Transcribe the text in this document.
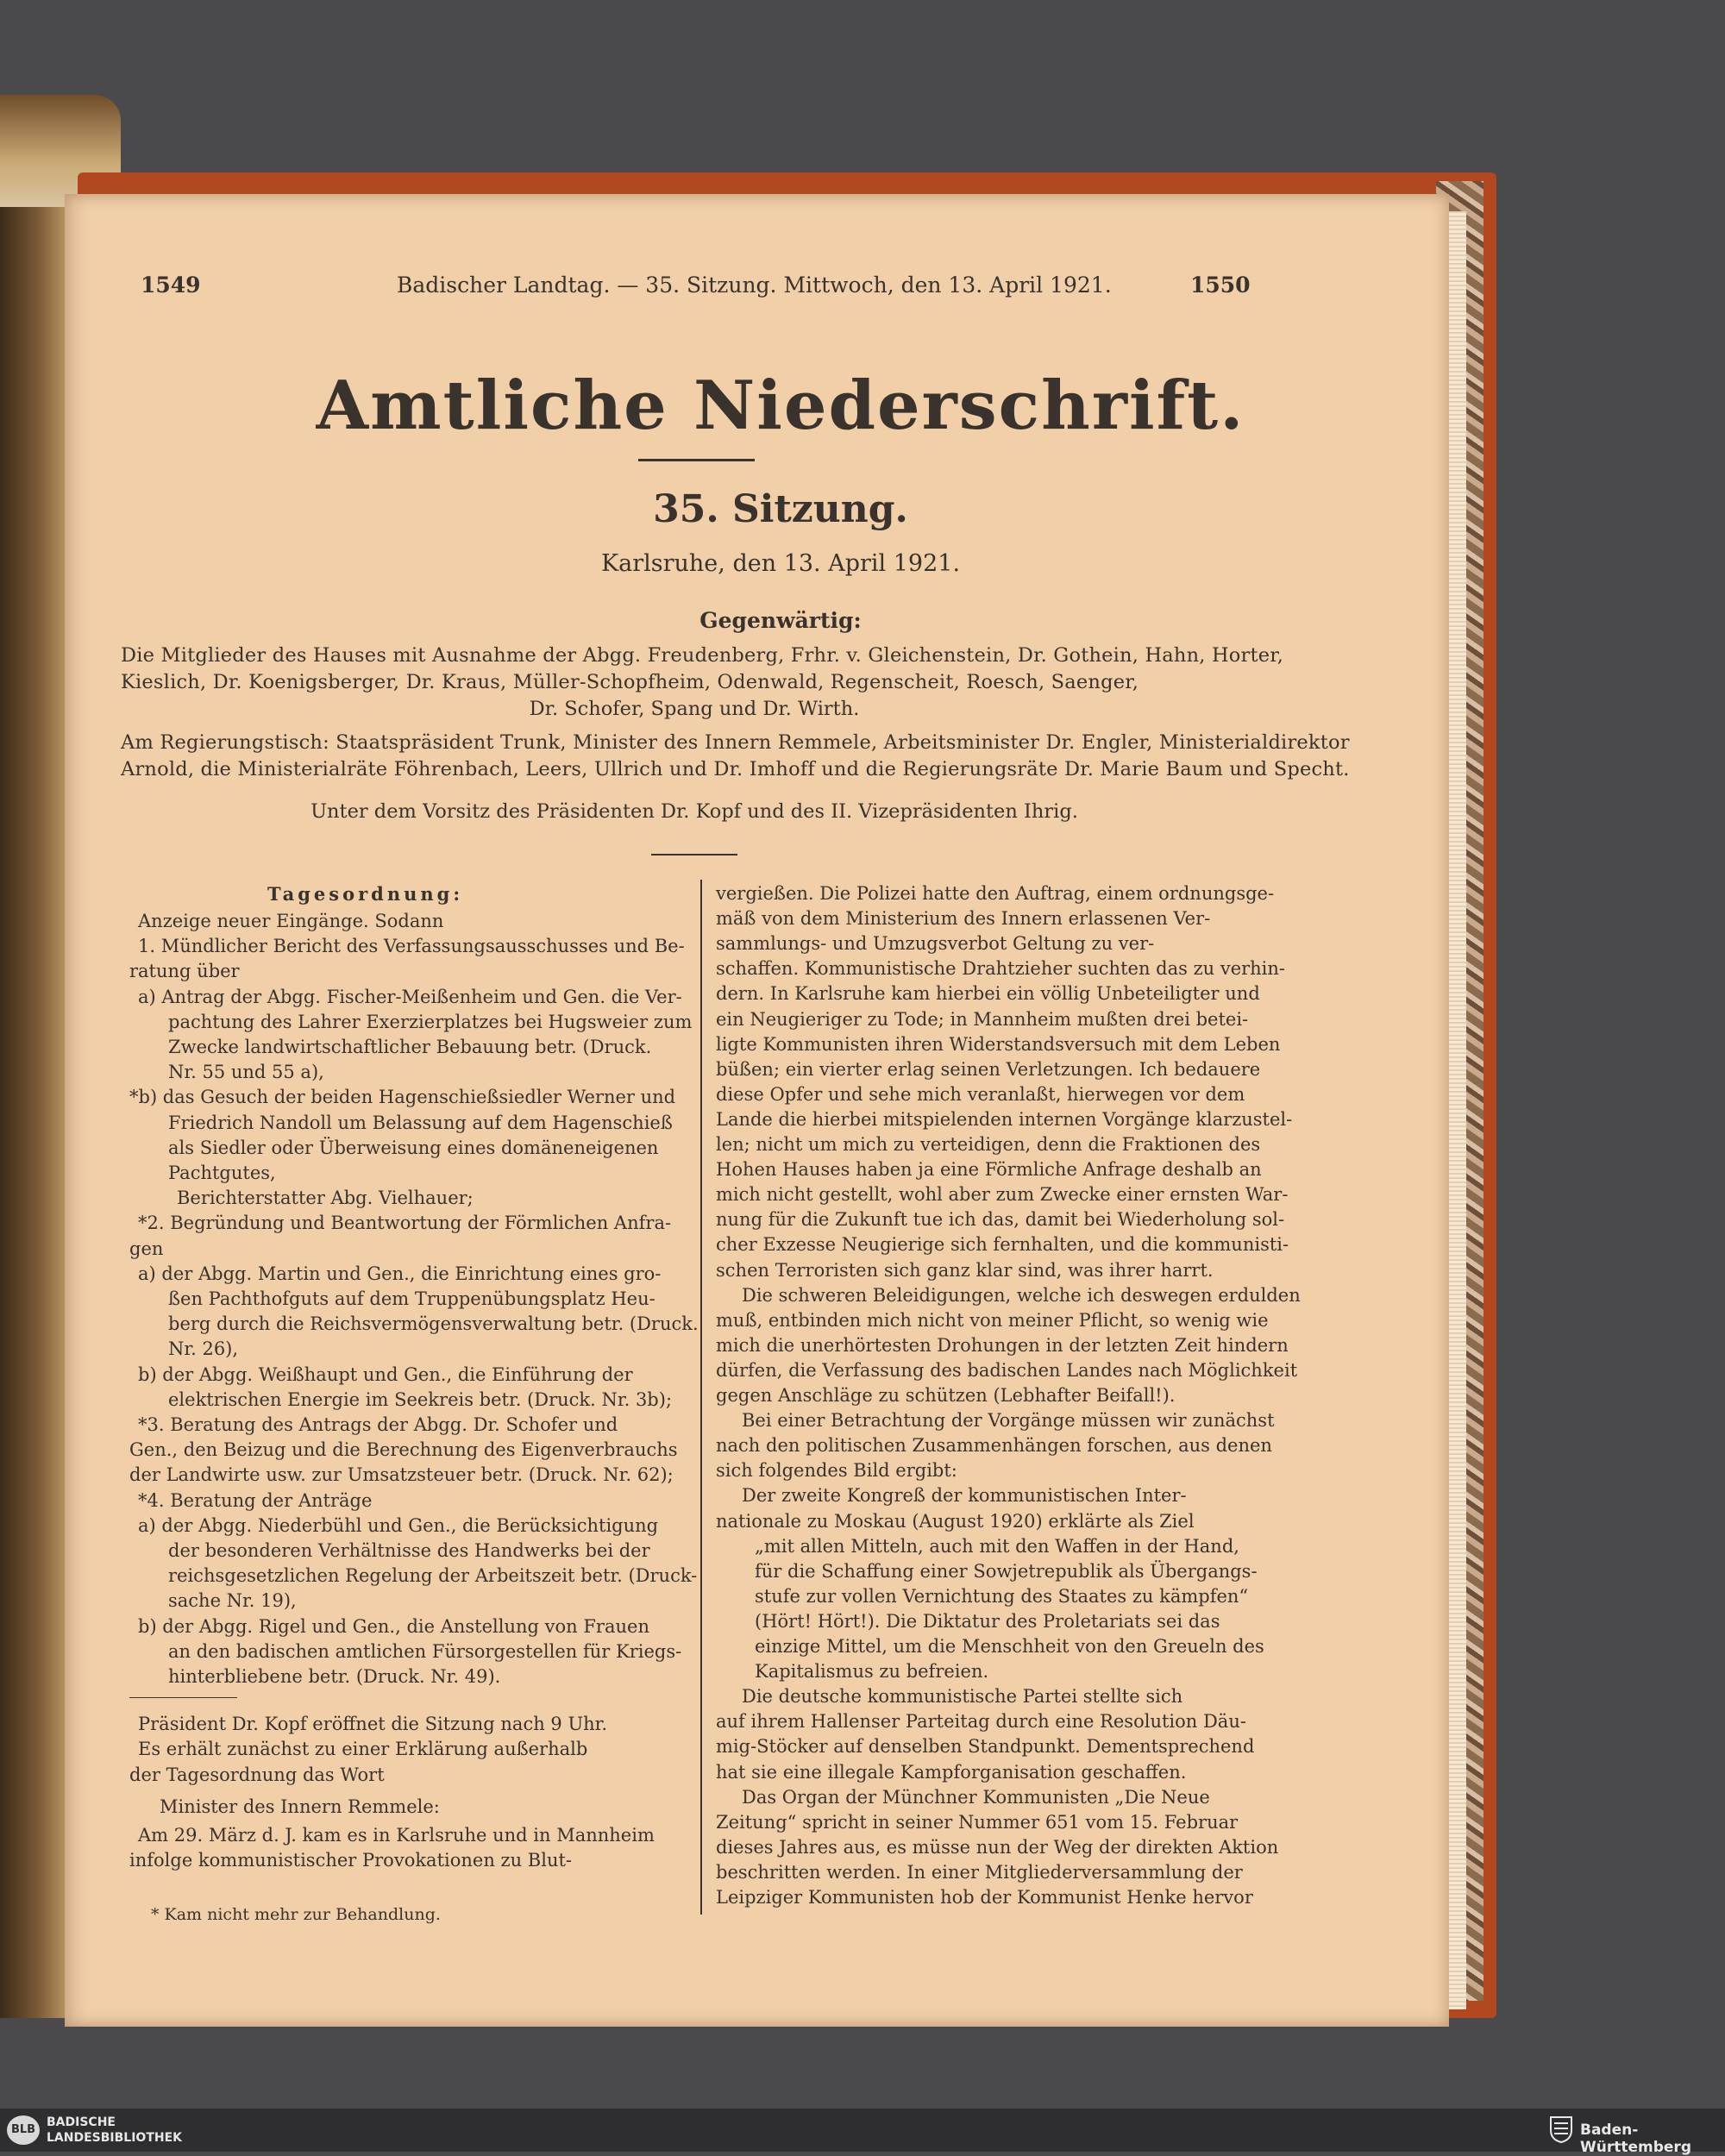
1549	Badischer Landtag. — 35. Sitzung. Mittwoch, den 13. April 1921.	1550
Amtliche Niederschrift.
35. Sitzung.
Karlsruhe, den 13. April 1921.
Gegenwärtig:
Die Mitglieder des Hauses mit Ausnahme der Abgg. Freudenberg, Frhr. v. Gleichenstein, Dr. Gothein, Hahn, Horter,
Kieslich, Dr. Koenigsberger, Dr. Kraus, Müller-Schopfheim, Odenwald, Regenscheit, Roesch, Saenger,
Dr. Schofer, Spang und Dr. Wirth.
Am Regierungstisch: Staatspräsident Trunk, Minister des Innern Remmele, Arbeitsminister Dr. Engler, Ministerialdirektor
Arnold, die Ministerialräte Föhrenbach, Leers, Ullrich und Dr. Imhoff und die Regierungsräte Dr. Marie Baum und Specht.
Unter dem Vorsitz des Präsidenten Dr. Kopf und des II. Vizepräsidenten Ihrig.
Tagesordnung:
Anzeige neuer Eingänge. Sodann
1. Mündlicher Bericht des Verfassungsausschusses und Be-
ratung über
a) Antrag der Abgg. Fischer-Meißenheim und Gen. die Ver-
pachtung des Lahrer Exerzierplatzes bei Hugsweier zum
Zwecke landwirtschaftlicher Bebauung betr. (Druck.
Nr. 55 und 55 a),
*b) das Gesuch der beiden Hagenschießsiedler Werner und
Friedrich Nandoll um Belassung auf dem Hagenschieß
als Siedler oder Überweisung eines domäneneigenen
Pachtgutes,
Berichterstatter Abg. Vielhauer;
*2. Begründung und Beantwortung der Förmlichen Anfra-
gen
a) der Abgg. Martin und Gen., die Einrichtung eines gro-
ßen Pachthofguts auf dem Truppenübungsplatz Heu-
berg durch die Reichsvermögensverwaltung betr. (Druck.
Nr. 26),
b) der Abgg. Weißhaupt und Gen., die Einführung der
elektrischen Energie im Seekreis betr. (Druck. Nr. 3b);
*3. Beratung des Antrags der Abgg. Dr. Schofer und
Gen., den Beizug und die Berechnung des Eigenverbrauchs
der Landwirte usw. zur Umsatzsteuer betr. (Druck. Nr. 62);
*4. Beratung der Anträge
a) der Abgg. Niederbühl und Gen., die Berücksichtigung
der besonderen Verhältnisse des Handwerks bei der
reichsgesetzlichen Regelung der Arbeitszeit betr. (Druck-
sache Nr. 19),
b) der Abgg. Rigel und Gen., die Anstellung von Frauen
an den badischen amtlichen Fürsorgestellen für Kriegs-
hinterbliebene betr. (Druck. Nr. 49).
Präsident Dr. Kopf eröffnet die Sitzung nach 9 Uhr.
Es erhält zunächst zu einer Erklärung außerhalb
der Tagesordnung das Wort
Minister des Innern Remmele:
Am 29. März d. J. kam es in Karlsruhe und in Mannheim
infolge kommunistischer Provokationen zu Blut-
* Kam nicht mehr zur Behandlung.
vergießen. Die Polizei hatte den Auftrag, einem ordnungsge-
mäß von dem Ministerium des Innern erlassenen Ver-
sammlungs- und Umzugsverbot Geltung zu ver-
schaffen. Kommunistische Drahtzieher suchten das zu verhin-
dern. In Karlsruhe kam hierbei ein völlig Unbeteiligter und
ein Neugieriger zu Tode; in Mannheim mußten drei betei-
ligte Kommunisten ihren Widerstandsversuch mit dem Leben
büßen; ein vierter erlag seinen Verletzungen. Ich bedauere
diese Opfer und sehe mich veranlaßt, hierwegen vor dem
Lande die hierbei mitspielenden internen Vorgänge klarzustel-
len; nicht um mich zu verteidigen, denn die Fraktionen des
Hohen Hauses haben ja eine Förmliche Anfrage deshalb an
mich nicht gestellt, wohl aber zum Zwecke einer ernsten War-
nung für die Zukunft tue ich das, damit bei Wiederholung sol-
cher Exzesse Neugierige sich fernhalten, und die kommunisti-
schen Terroristen sich ganz klar sind, was ihrer harrt.
Die schweren Beleidigungen, welche ich deswegen erdulden
muß, entbinden mich nicht von meiner Pflicht, so wenig wie
mich die unerhörtesten Drohungen in der letzten Zeit hindern
dürfen, die Verfassung des badischen Landes nach Möglichkeit
gegen Anschläge zu schützen (Lebhafter Beifall!).
Bei einer Betrachtung der Vorgänge müssen wir zunächst
nach den politischen Zusammenhängen forschen, aus denen
sich folgendes Bild ergibt:
Der zweite Kongreß der kommunistischen Inter-
nationale zu Moskau (August 1920) erklärte als Ziel
„mit allen Mitteln, auch mit den Waffen in der Hand,
für die Schaffung einer Sowjetrepublik als Übergangs-
stufe zur vollen Vernichtung des Staates zu kämpfen“
(Hört! Hört!). Die Diktatur des Proletariats sei das
einzige Mittel, um die Menschheit von den Greueln des
Kapitalismus zu befreien.
Die deutsche kommunistische Partei stellte sich
auf ihrem Hallenser Parteitag durch eine Resolution Däu-
mig-Stöcker auf denselben Standpunkt. Dementsprechend
hat sie eine illegale Kampforganisation geschaffen.
Das Organ der Münchner Kommunisten „Die Neue
Zeitung“ spricht in seiner Nummer 651 vom 15. Februar
dieses Jahres aus, es müsse nun der Weg der direkten Aktion
beschritten werden. In einer Mitgliederversammlung der
Leipziger Kommunisten hob der Kommunist Henke hervor
BLB
BADISCHE
LANDESBIBLIOTHEK	Baden-Württemberg
